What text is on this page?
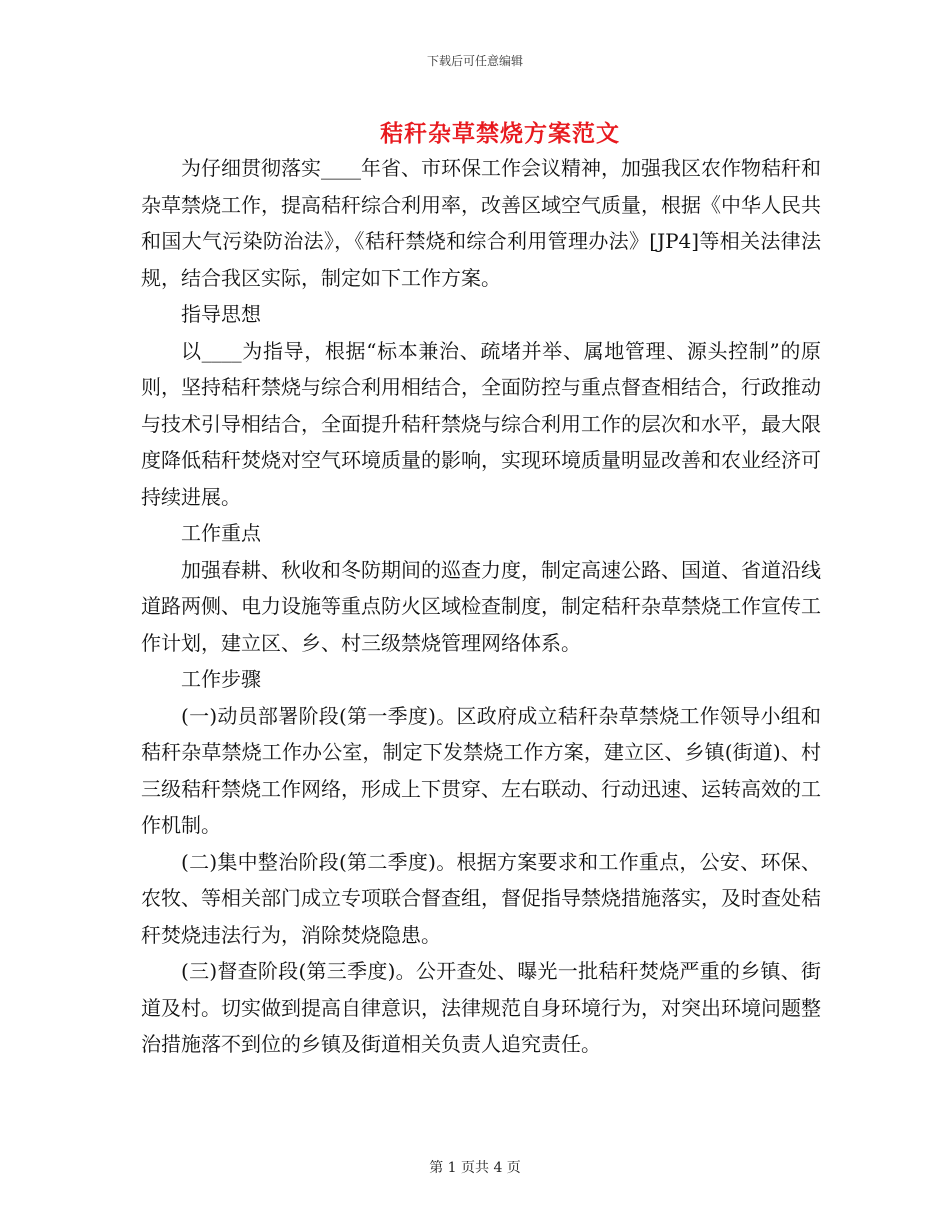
下载后可任意编辑
秸秆杂草禁烧方案范文

为仔细贯彻落实____年省、市环保工作会议精神，加强我区农作物秸秆和杂草禁烧工作，提高秸秆综合利用率，改善区域空气质量，根据《中华人民共和国大气污染防治法》，《秸秆禁烧和综合利用管理办法》[JP4]等相关法律法规，结合我区实际，制定如下工作方案。

指导思想

以____为指导，根据“标本兼治、疏堵并举、属地管理、源头控制”的原则，坚持秸秆禁烧与综合利用相结合，全面防控与重点督查相结合，行政推动与技术引导相结合，全面提升秸秆禁烧与综合利用工作的层次和水平，最大限度降低秸秆焚烧对空气环境质量的影响，实现环境质量明显改善和农业经济可持续进展。

工作重点

加强春耕、秋收和冬防期间的巡查力度，制定高速公路、国道、省道沿线道路两侧、电力设施等重点防火区域检查制度，制定秸秆杂草禁烧工作宣传工作计划，建立区、乡、村三级禁烧管理网络体系。

工作步骤

(一)动员部署阶段(第一季度)。区政府成立秸秆杂草禁烧工作领导小组和秸秆杂草禁烧工作办公室，制定下发禁烧工作方案，建立区、乡镇(街道)、村三级秸秆禁烧工作网络，形成上下贯穿、左右联动、行动迅速、运转高效的工作机制。

(二)集中整治阶段(第二季度)。根据方案要求和工作重点，公安、环保、农牧、等相关部门成立专项联合督查组，督促指导禁烧措施落实，及时查处秸秆焚烧违法行为，消除焚烧隐患。

(三)督查阶段(第三季度)。公开查处、曝光一批秸秆焚烧严重的乡镇、街道及村。切实做到提高自律意识，法律规范自身环境行为，对突出环境问题整治措施落不到位的乡镇及街道相关负责人追究责任。

第 1 页共 4 页
